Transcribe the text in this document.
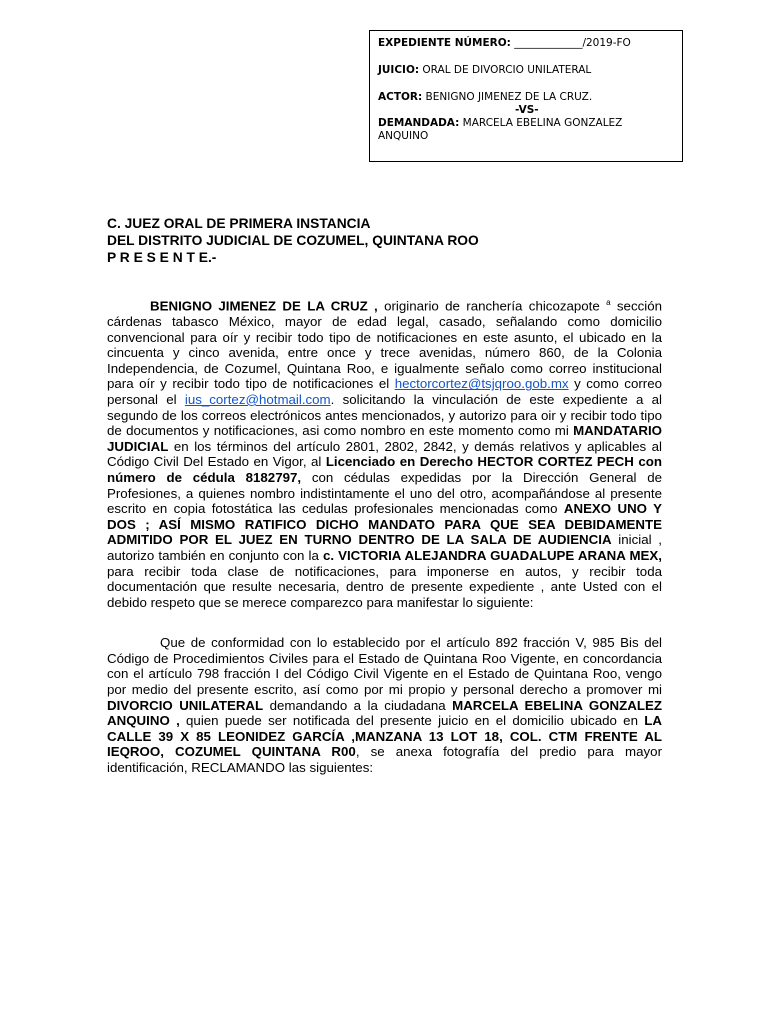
EXPEDIENTE NÚMERO: _____________/2019-FO

JUICIO: ORAL DE DIVORCIO UNILATERAL

ACTOR: BENIGNO JIMENEZ DE LA CRUZ.

-VS-

DEMANDADA: MARCELA EBELINA GONZALEZ

ANQUINO

C. JUEZ ORAL DE PRIMERA INSTANCIA
DEL DISTRITO JUDICIAL DE COZUMEL, QUINTANA ROO
P R E S E N T E.-

BENIGNO JIMENEZ DE LA CRUZ , originario de ranchería chicozapote $^a$ sección cárdenas tabasco México, mayor de edad legal, casado, señalando como domicilio convencional para oír y recibir todo tipo de notificaciones en este asunto, el ubicado en la cincuenta y cinco avenida, entre once y trece avenidas, número 860, de la Colonia Independencia, de Cozumel, Quintana Roo, e igualmente señalo como correo institucional para oír y recibir todo tipo de notificaciones el hectorcortez@tsjqroo.gob.mx y como correo personal el ius_cortez@hotmail.com. solicitando la vinculación de este expediente a al segundo de los correos electrónicos antes mencionados, y autorizo para oir y recibir todo tipo de documentos y notificaciones, asi como nombro en este momento como mi MANDATARIO JUDICIAL en los términos del artículo 2801, 2802, 2842, y demás relativos y aplicables al Código Civil Del Estado en Vigor, al Licenciado en Derecho HECTOR CORTEZ PECH con número de cédula 8182797, con cédulas expedidas por la Dirección General de Profesiones, a quienes nombro indistintamente el uno del otro, acompañándose al presente escrito en copia fotostática las cedulas profesionales mencionadas como ANEXO UNO Y DOS ; ASÍ MISMO RATIFICO DICHO MANDATO PARA QUE SEA DEBIDAMENTE ADMITIDO POR EL JUEZ EN TURNO DENTRO DE LA SALA DE AUDIENCIA inicial , autorizo también en conjunto con la c. VICTORIA ALEJANDRA GUADALUPE ARANA MEX, para recibir toda clase de notificaciones, para imponerse en autos, y recibir toda documentación que resulte necesaria, dentro de presente expediente , ante Usted con el debido respeto que se merece comparezco para manifestar lo siguiente:

Que de conformidad con lo establecido por el artículo 892 fracción V, 985 Bis del Código de Procedimientos Civiles para el Estado de Quintana Roo Vigente, en concordancia con el artículo 798 fracción I del Código Civil Vigente en el Estado de Quintana Roo, vengo por medio del presente escrito, así como por mi propio y personal derecho a promover mi DIVORCIO UNILATERAL demandando a la ciudadana MARCELA EBELINA GONZALEZ ANQUINO , quien puede ser notificada del presente juicio en el domicilio ubicado en LA CALLE 39 X 85 LEONIDEZ GARCÍA ,MANZANA 13 LOT 18, COL. CTM FRENTE AL IEQROO, COZUMEL QUINTANA R00, se anexa fotografía del predio para mayor identificación, RECLAMANDO las siguientes:
